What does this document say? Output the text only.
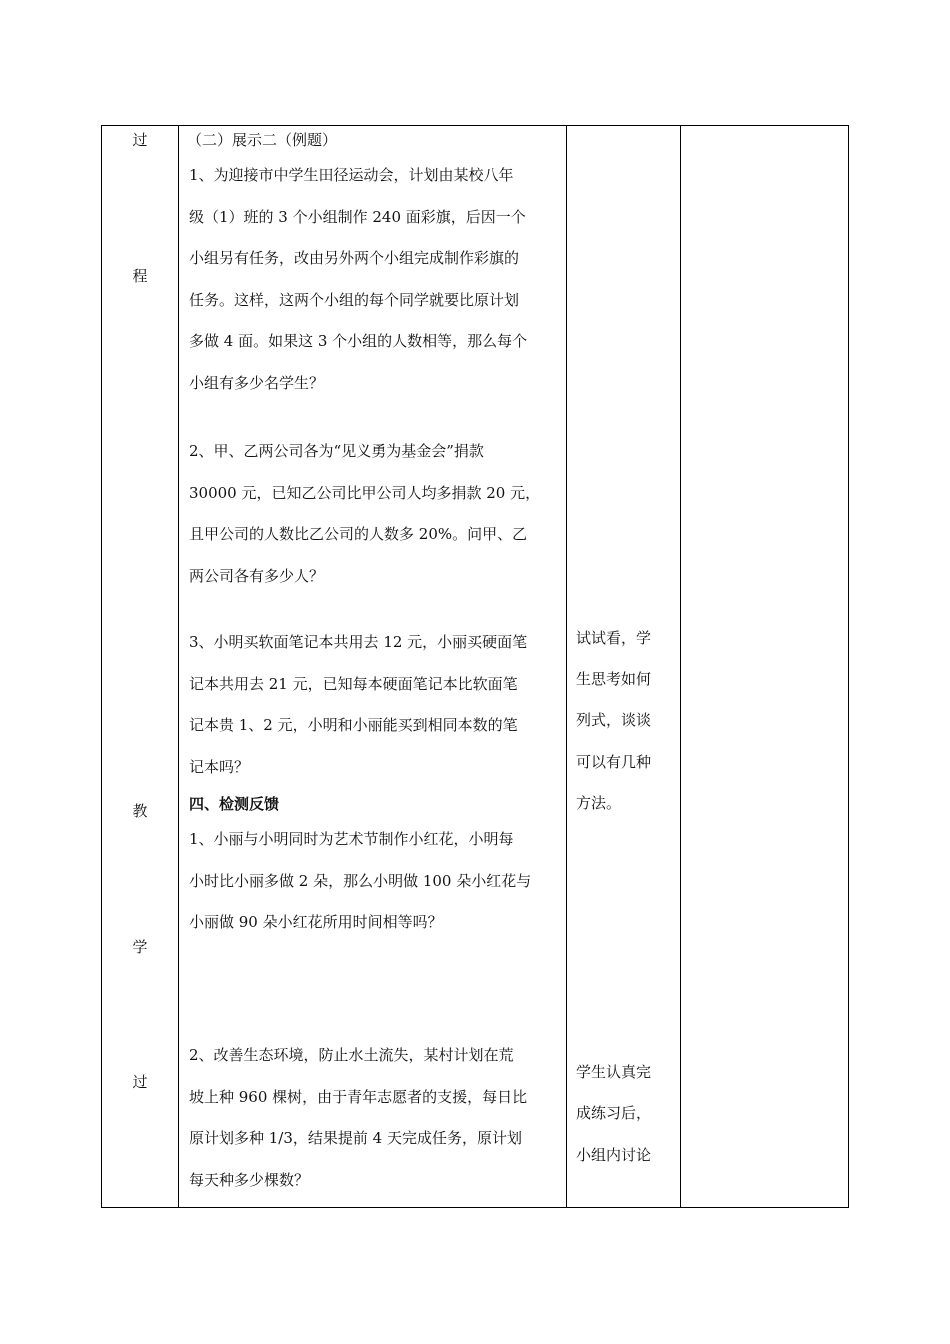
过
程
教
学
过
（二）展示二（例题）
1、为迎接市中学生田径运动会，计划由某校八年
级（1）班的 3 个小组制作 240 面彩旗，后因一个
小组另有任务，改由另外两个小组完成制作彩旗的
任务。这样，这两个小组的每个同学就要比原计划
多做 4 面。如果这 3 个小组的人数相等，那么每个
小组有多少名学生？
2、甲、乙两公司各为“见义勇为基金会”捐款
30000 元，已知乙公司比甲公司人均多捐款 20 元，
且甲公司的人数比乙公司的人数多 20%。问甲、乙
两公司各有多少人？
3、小明买软面笔记本共用去 12 元，小丽买硬面笔
记本共用去 21 元，已知每本硬面笔记本比软面笔
记本贵 1、2 元，小明和小丽能买到相同本数的笔
记本吗？
四、检测反馈
1、小丽与小明同时为艺术节制作小红花，小明每
小时比小丽多做 2 朵，那么小明做 100 朵小红花与
小丽做 90 朵小红花所用时间相等吗？
2、改善生态环境，防止水土流失，某村计划在荒
坡上种 960 棵树，由于青年志愿者的支援，每日比
原计划多种 1/3，结果提前 4 天完成任务，原计划
每天种多少棵数？
试试看，学
生思考如何
列式，谈谈
可以有几种
方法。
学生认真完
成练习后，
小组内讨论
